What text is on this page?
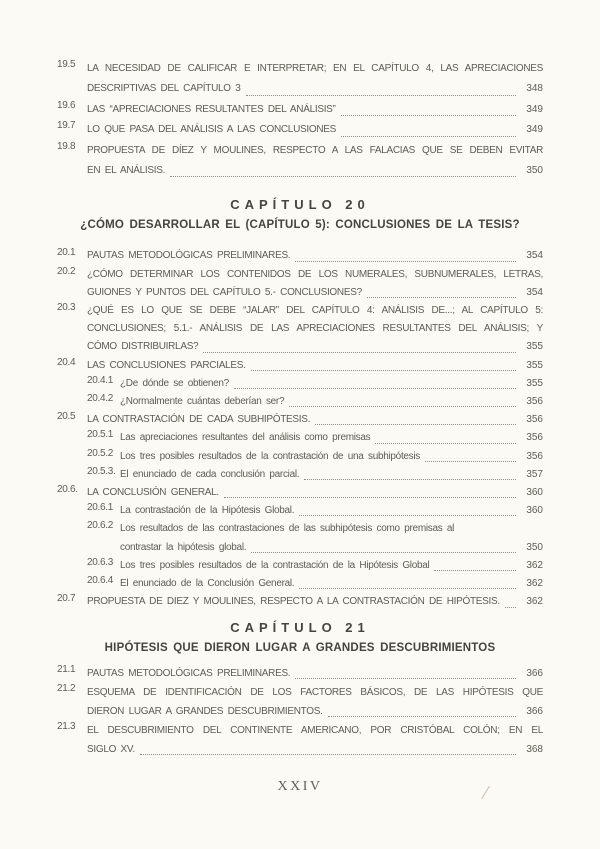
19.5	LA NECESIDAD DE CALIFICAR E INTERPRETAR; EN EL CAPÍTULO 4, LAS APRECIACIONES
DESCRIPTIVAS DEL CAPÍTULO 3	348
19.6	LAS “APRECIACIONES RESULTANTES DEL ANÁLISIS”	349
19.7	LO QUE PASA DEL ANÁLISIS A LAS CONCLUSIONES	349
19.8	PROPUESTA DE DÍEZ Y MOULINES, RESPECTO A LAS FALACIAS QUE SE DEBEN EVITAR
EN EL ANÁLISIS.	350
CAPÍTULO 20
¿CÓMO DESARROLLAR EL (CAPÍTULO 5): CONCLUSIONES DE LA TESIS?
20.1	PAUTAS METODOLÓGICAS PRELIMINARES.	354
20.2	¿CÓMO DETERMINAR LOS CONTENIDOS DE LOS NUMERALES, SUBNUMERALES, LETRAS,
GUIONES Y PUNTOS DEL CAPÍTULO 5.- CONCLUSIONES?	354
20.3	¿QUÉ ES LO QUE SE DEBE “JALAR” DEL CAPÍTULO 4: ANÁLISIS DE...; AL CAPÍTULO 5:
CONCLUSIONES; 5.1.- ANÁLISIS DE LAS APRECIACIONES RESULTANTES DEL ANÁLISIS; Y
CÓMO DISTRIBUIRLAS?	355
20.4	LAS CONCLUSIONES PARCIALES.	355
20.4.1 ¿De dónde se obtienen?	355
20.4.2 ¿Normalmente cuántas deberían ser?	356
20.5	LA CONTRASTACIÓN DE CADA SUBHIPÓTESIS.	356
20.5.1 Las apreciaciones resultantes del análisis como premisas	356
20.5.2 Los tres posibles resultados de la contrastación de una subhipótesis	356
20.5.3. El enunciado de cada conclusión parcial.	357
20.6. LA CONCLUSIÓN GENERAL.	360
20.6.1 La contrastación de la Hipótesis Global.	360
20.6.2 Los resultados de las contrastaciones de las subhipótesis como premisas al
contrastar la hipótesis global.	350
20.6.3 Los tres posibles resultados de la contrastación de la Hipótesis Global	362
20.6.4 El enunciado de la Conclusión General.	362
20.7	PROPUESTA DE DIEZ Y MOULINES, RESPECTO A LA CONTRASTACIÓN DE HIPÓTESIS.	362
CAPÍTULO 21
HIPÓTESIS QUE DIERON LUGAR A GRANDES DESCUBRIMIENTOS
21.1	PAUTAS METODOLÓGICAS PRELIMINARES.	366
21.2	ESQUEMA DE IDENTIFICACIÓN DE LOS FACTORES BÁSICOS, DE LAS HIPÓTESIS QUE
DIERON LUGAR A GRANDES DESCUBRIMIENTOS.	366
21.3	EL DESCUBRIMIENTO DEL CONTINENTE AMERICANO, POR CRISTÓBAL COLÓN; EN EL
SIGLO XV.	368
XXIV
